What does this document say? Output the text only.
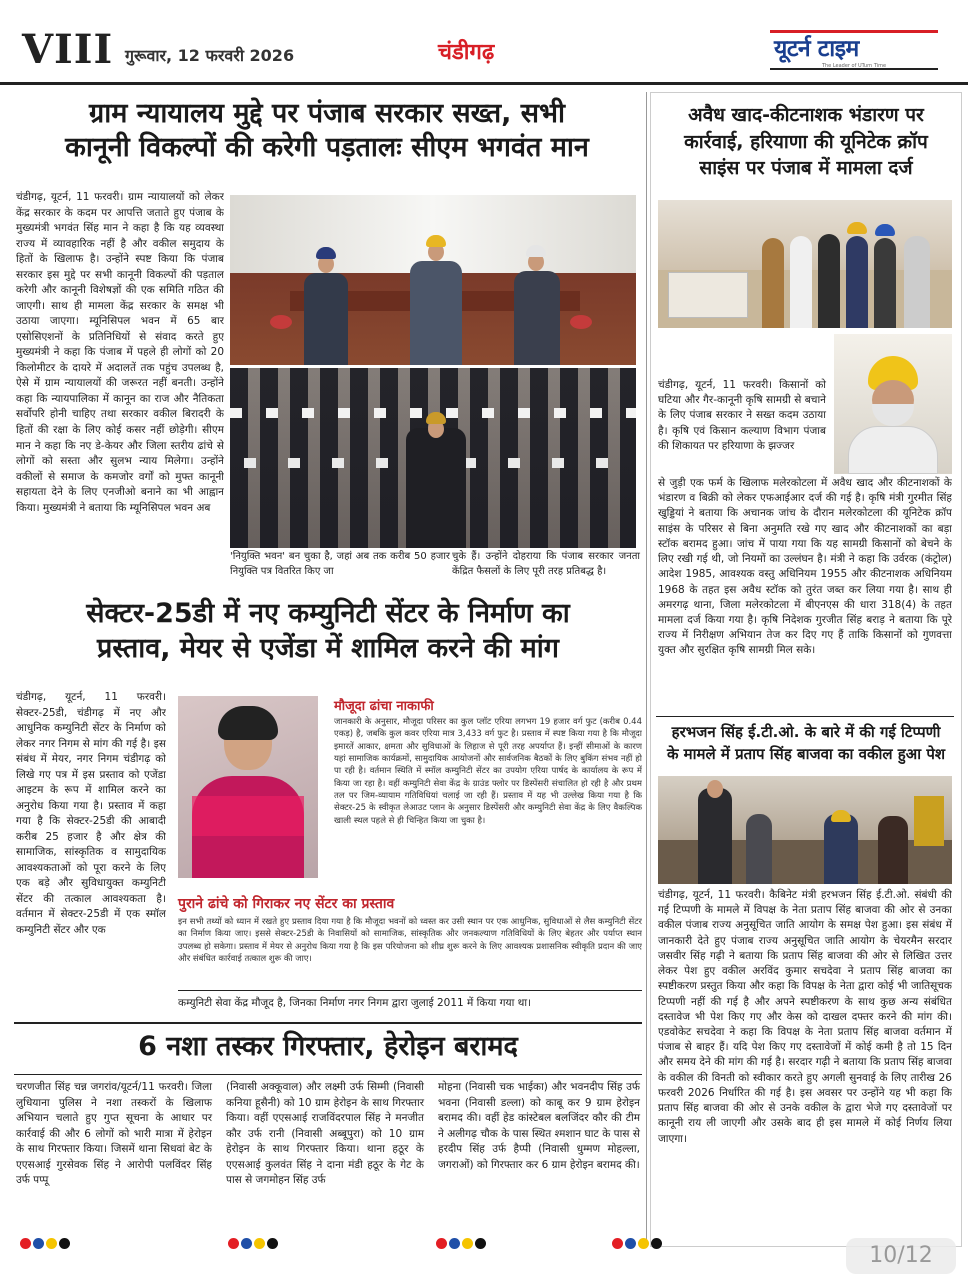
VIII गुरूवार, 12 फरवरी 2026	चंडीगढ़	यूटर्न टाइम
The Leader of UTurn Time
ग्राम न्यायालय मुद्दे पर पंजाब सरकार सख्त, सभी
कानूनी विकल्पों की करेगी पड़तालः सीएम भगवंत मान
चंडीगढ़, यूटर्न, 11 फरवरी। ग्राम न्यायालयों को लेकर केंद्र सरकार के कदम पर आपत्ति जताते हुए पंजाब के मुख्यमंत्री भगवंत सिंह मान ने कहा है कि यह व्यवस्था राज्य में व्यावहारिक नहीं है और वकील समुदाय के हितों के खिलाफ है। उन्होंने स्पष्ट किया कि पंजाब सरकार इस मुद्दे पर सभी कानूनी विकल्पों की पड़ताल करेगी और कानूनी विशेषज्ञों की एक समिति गठित की जाएगी। साथ ही मामला केंद्र सरकार के समक्ष भी उठाया जाएगा। म्यूनिसिपल भवन में 65 बार एसोसिएशनों के प्रतिनिधियों से संवाद करते हुए मुख्यमंत्री ने कहा कि पंजाब में पहले ही लोगों को 20 किलोमीटर के दायरे में अदालतें तक पहुंच उपलब्ध है, ऐसे में ग्राम न्यायालयों की जरूरत नहीं बनती। उन्होंने कहा कि न्यायपालिका में कानून का राज और नैतिकता सर्वोपरि होनी चाहिए तथा सरकार वकील बिरादरी के हितों की रक्षा के लिए कोई कसर नहीं छोड़ेगी। सीएम मान ने कहा कि नए डे-केयर और जिला स्तरीय ढांचे से लोगों को सस्ता और सुलभ न्याय मिलेगा। उन्होंने वकीलों से समाज के कमजोर वर्गों को मुफ्त कानूनी सहायता देने के लिए एनजीओ बनाने का भी आह्वान किया। मुख्यमंत्री ने बताया कि म्यूनिसिपल भवन अब
'नियुक्ति भवन' बन चुका है, जहां अब तक करीब 50 हजार नियुक्ति पत्र वितरित किए जा
चुके हैं। उन्होंने दोहराया कि पंजाब सरकार जनता केंद्रित फैसलों के लिए पूरी तरह प्रतिबद्ध है।
सेक्टर-25डी में नए कम्युनिटी सेंटर के निर्माण का
प्रस्ताव, मेयर से एजेंडा में शामिल करने की मांग
चंडीगढ़, यूटर्न, 11 फरवरी। सेक्टर-25डी, चंडीगढ़ में नए और आधुनिक कम्युनिटी सेंटर के निर्माण को लेकर नगर निगम से मांग की गई है। इस संबंध में मेयर, नगर निगम चंडीगढ़ को लिखे गए पत्र में इस प्रस्ताव को एजेंडा आइटम के रूप में शामिल करने का अनुरोध किया गया है। प्रस्ताव में कहा गया है कि सेक्टर-25डी की आबादी करीब 25 हजार है और क्षेत्र की सामाजिक, सांस्कृतिक व सामुदायिक आवश्यकताओं को पूरा करने के लिए एक बड़े और सुविधायुक्त कम्युनिटी सेंटर की तत्काल आवश्यकता है। वर्तमान में सेक्टर-25डी में एक स्मॉल कम्युनिटी सेंटर और एक
मौजूदा ढांचा नाकाफी
जानकारी के अनुसार, मौजूदा परिसर का कुल प्लॉट एरिया लगभग 19 हजार वर्ग फुट (करीब 0.44 एकड़) है, जबकि कुल कवर एरिया मात्र 3,433 वर्ग फुट है। प्रस्ताव में स्पष्ट किया गया है कि मौजूदा इमारतें आकार, क्षमता और सुविधाओं के लिहाज से पूरी तरह अपर्याप्त हैं। इन्हीं सीमाओं के कारण यहां सामाजिक कार्यक्रमों, सामुदायिक आयोजनों और सार्वजनिक बैठकों के लिए बुकिंग संभव नहीं हो पा रही है। वर्तमान स्थिति में स्मॉल कम्युनिटी सेंटर का उपयोग एरिया पार्षद के कार्यालय के रूप में किया जा रहा है। वहीं कम्युनिटी सेवा केंद्र के ग्राउंड फ्लोर पर डिस्पेंसरी संचालित हो रही है और प्रथम तल पर जिम-व्यायाम गतिविधियां चलाई जा रही हैं। प्रस्ताव में यह भी उल्लेख किया गया है कि सेक्टर-25 के स्वीकृत लेआउट प्लान के अनुसार डिस्पेंसरी और कम्युनिटी सेवा केंद्र के लिए वैकल्पिक खाली स्थल पहले से ही चिन्हित किया जा चुका है।
पुराने ढांचे को गिराकर नए सेंटर का प्रस्ताव
इन सभी तथ्यों को ध्यान में रखते हुए प्रस्ताव दिया गया है कि मौजूदा भवनों को ध्वस्त कर उसी स्थान पर एक आधुनिक, सुविधाओं से लैस कम्युनिटी सेंटर का निर्माण किया जाए। इससे सेक्टर-25डी के निवासियों को सामाजिक, सांस्कृतिक और जनकल्याण गतिविधियों के लिए बेहतर और पर्याप्त स्थान उपलब्ध हो सकेगा। प्रस्ताव में मेयर से अनुरोध किया गया है कि इस परियोजना को शीघ्र शुरू करने के लिए आवश्यक प्रशासनिक स्वीकृति प्रदान की जाए और संबंधित कार्रवाई तत्काल शुरू की जाए।
कम्युनिटी सेवा केंद्र मौजूद है, जिनका निर्माण नगर निगम द्वारा जुलाई 2011 में किया गया था।
6 नशा तस्कर गिरफ्तार, हेरोइन बरामद
चरणजीत सिंह चन्न जगरांव/यूटर्न/11 फरवरी। जिला लुधियाना पुलिस ने नशा तस्करों के खिलाफ अभियान चलाते हुए गुप्त सूचना के आधार पर कार्रवाई की और 6 लोगों को भारी मात्रा में हेरोइन के साथ गिरफ्तार किया। जिसमें थाना सिधवां बेट के एएसआई गुरसेवक सिंह ने आरोपी पलविंदर सिंह उर्फ पप्पू
(निवासी अक्कूवाल) और लक्ष्मी उर्फ सिम्मी (निवासी कनिया हूसैनी) को 10 ग्राम हेरोइन के साथ गिरफ्तार किया। वहीं एएसआई राजविंदरपाल सिंह ने मनजीत कौर उर्फ रानी (निवासी अब्बूपुरा) को 10 ग्राम हेरोइन के साथ गिरफ्तार किया। थाना हठूर के एएसआई कुलवंत सिंह ने दाना मंडी हठूर के गेट के पास से जगमोहन सिंह उर्फ
मोहना (निवासी चक भाईका) और भवनदीप सिंह उर्फ भवना (निवासी डल्ला) को काबू कर 9 ग्राम हेरोइन बरामद की। वहीं हेड कांस्टेबल बलजिंदर कौर की टीम ने अलीगढ़ चौक के पास स्थित श्मशान घाट के पास से हरदीप सिंह उर्फ हैप्पी (निवासी धुम्मण मोहल्ला, जगराओं) को गिरफ्तार कर 6 ग्राम हेरोइन बरामद की।
अवैध खाद-कीटनाशक भंडारण पर
कार्रवाई, हरियाणा की यूनिटेक क्रॉप
साइंस पर पंजाब में मामला दर्ज
चंडीगढ़, यूटर्न, 11 फरवरी। किसानों को घटिया और गैर-कानूनी कृषि सामग्री से बचाने के लिए पंजाब सरकार ने सख्त कदम उठाया है। कृषि एवं किसान कल्याण विभाग पंजाब की शिकायत पर हरियाणा के झज्जर
से जुड़ी एक फर्म के खिलाफ मलेरकोटला में अवैध खाद और कीटनाशकों के भंडारण व बिक्री को लेकर एफआईआर दर्ज की गई है। कृषि मंत्री गुरमीत सिंह खुड्डियां ने बताया कि अचानक जांच के दौरान मलेरकोटला की यूनिटेक क्रॉप साइंस के परिसर से बिना अनुमति रखे गए खाद और कीटनाशकों का बड़ा स्टॉक बरामद हुआ। जांच में पाया गया कि यह सामग्री किसानों को बेचने के लिए रखी गई थी, जो नियमों का उल्लंघन है। मंत्री ने कहा कि उर्वरक (कंट्रोल) आदेश 1985, आवश्यक वस्तु अधिनियम 1955 और कीटनाशक अधिनियम 1968 के तहत इस अवैध स्टॉक को तुरंत जब्त कर लिया गया है। साथ ही अमरगढ़ थाना, जिला मलेरकोटला में बीएनएस की धारा 318(4) के तहत मामला दर्ज किया गया है। कृषि निदेशक गुरजीत सिंह बराड़ ने बताया कि पूरे राज्य में निरीक्षण अभियान तेज कर दिए गए हैं ताकि किसानों को गुणवत्ता युक्त और सुरक्षित कृषि सामग्री मिल सके।
हरभजन सिंह ई.टी.ओ. के बारे में की गई टिप्पणी
के मामले में प्रताप सिंह बाजवा का वकील हुआ पेश
चंडीगढ़, यूटर्न, 11 फरवरी। कैबिनेट मंत्री हरभजन सिंह ई.टी.ओ. संबंधी की गई टिप्पणी के मामले में विपक्ष के नेता प्रताप सिंह बाजवा की ओर से उनका वकील पंजाब राज्य अनुसूचित जाति आयोग के समक्ष पेश हुआ। इस संबंध में जानकारी देते हुए पंजाब राज्य अनुसूचित जाति आयोग के चेयरमैन सरदार जसवीर सिंह गढ़ी ने बताया कि प्रताप सिंह बाजवा की ओर से लिखित उत्तर लेकर पेश हुए वकील अरविंद कुमार सचदेवा ने प्रताप सिंह बाजवा का स्पष्टीकरण प्रस्तुत किया और कहा कि विपक्ष के नेता द्वारा कोई भी जातिसूचक टिप्पणी नहीं की गई है और अपने स्पष्टीकरण के साथ कुछ अन्य संबंधित दस्तावेज भी पेश किए गए और केस को दाखल दफ्तर करने की मांग की। एडवोकेट सचदेवा ने कहा कि विपक्ष के नेता प्रताप सिंह बाजवा वर्तमान में पंजाब से बाहर हैं। यदि पेश किए गए दस्तावेजों में कोई कमी है तो 15 दिन और समय देने की मांग की गई है। सरदार गढ़ी ने बताया कि प्रताप सिंह बाजवा के वकील की विनती को स्वीकार करते हुए अगली सुनवाई के लिए तारीख 26 फरवरी 2026 निर्धारित की गई है। इस अवसर पर उन्होंने यह भी कहा कि प्रताप सिंह बाजवा की ओर से उनके वकील के द्वारा भेजे गए दस्तावेजों पर कानूनी राय ली जाएगी और उसके बाद ही इस मामले में कोई निर्णय लिया जाएगा।
10/12
